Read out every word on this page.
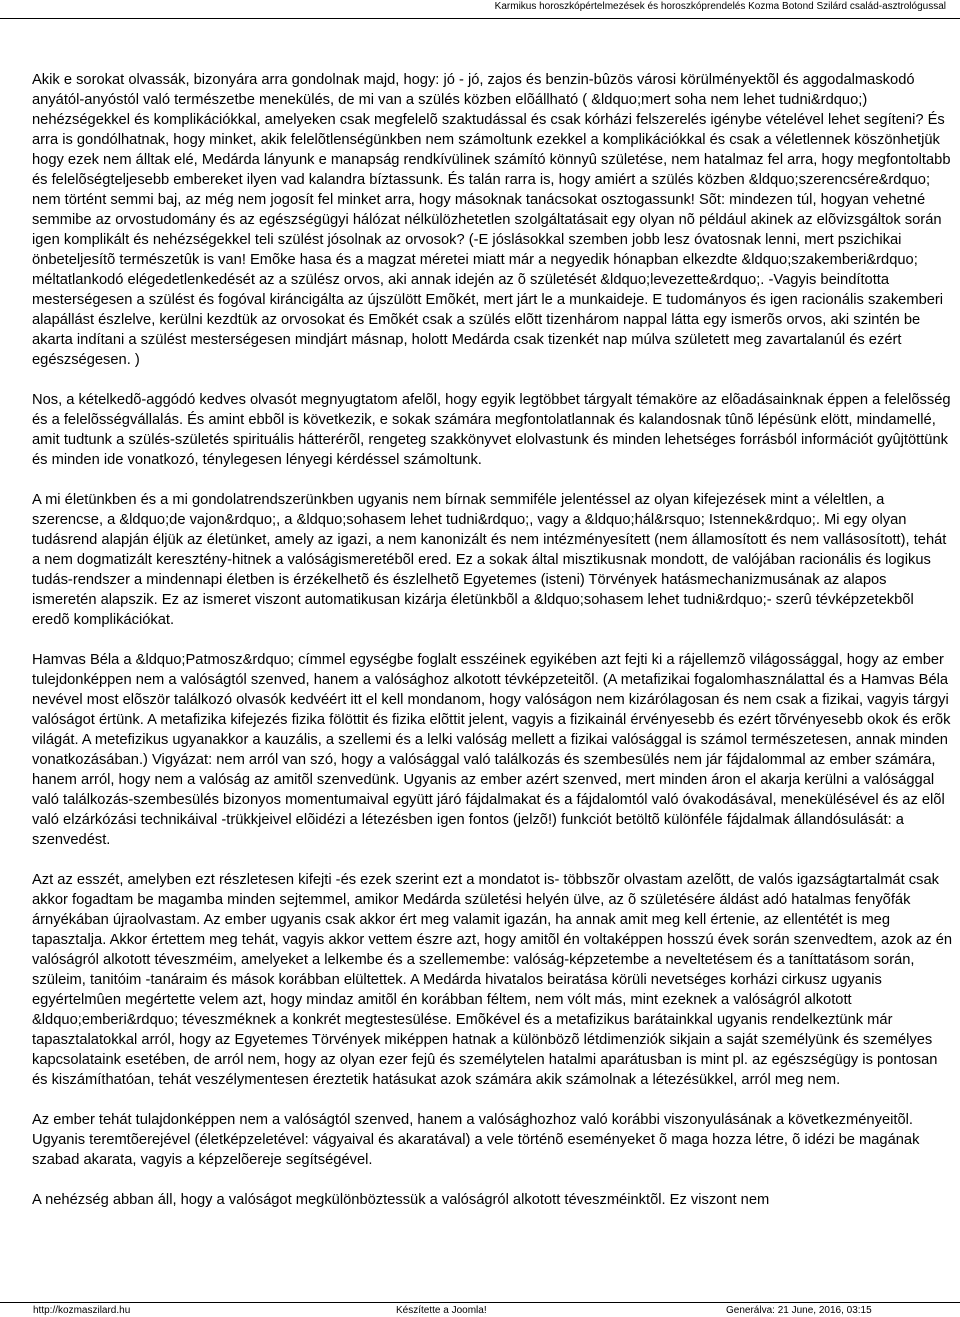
Karmikus horoszkópértelmezések és horoszkóprendelés Kozma Botond Szilárd család-asztrológussal

Akik e sorokat olvassák, bizonyára arra gondolnak majd, hogy: jó - jó, zajos és benzin-bûzös városi körülményektõl és aggodalmaskodó anyától-anyóstól való természetbe menekülés, de mi van a szülés közben elõállható ( &ldquo;mert soha nem lehet tudni&rdquo;) nehézségekkel és komplikációkkal, amelyeken csak megfelelõ szaktudással és csak kórházi felszerelés igénybe vételével lehet segíteni? És arra is gondólhatnak, hogy minket, akik felelõtlenségünkben nem számoltunk ezekkel a komplikációkkal és csak a véletlennek köszönhetjük hogy ezek nem álltak elé, Medárda lányunk e manapság rendkívülinek számító könnyû születése, nem hatalmaz fel arra, hogy megfontoltabb és felelõségteljesebb embereket ilyen vad kalandra bíztassunk. És talán rarra is, hogy amiért a szülés közben &ldquo;szerencsére&rdquo; nem történt semmi baj, az még nem jogosít fel minket arra, hogy másoknak tanácsokat osztogassunk! Sõt: mindezen túl, hogyan vehetné semmibe az orvostudomány és az egészségügyi hálózat nélkülözhetetlen szolgáltatásait egy olyan nõ például akinek az elõvizsgáltok során igen komplikált és nehézségekkel teli szülést jósolnak az orvosok? (-E jóslásokkal szemben jobb lesz óvatosnak lenni, mert pszichikai önbeteljesítõ természetûk is van! Emõke hasa és a magzat méretei miatt már a negyedik hónapban elkezdte &ldquo;szakemberi&rdquo; méltatlankodó elégedetlenkedését az a szülész orvos, aki annak idején az õ születését &ldquo;levezette&rdquo;. -Vagyis beindította mesterségesen a szülést és fogóval kiráncigálta az újszülött Emõkét, mert járt le a munkaideje. E tudományos és igen racionális szakemberi alapállást észlelve, kerülni kezdtük az orvosokat és Emõkét csak a szülés elõtt tizenhárom nappal látta egy ismerõs orvos, aki szintén be akarta indítani a szülést mesterségesen mindjárt másnap, holott Medárda csak tizenkét nap múlva született meg zavartalanúl és ezért egészségesen. )

Nos, a kételkedõ-aggódó kedves olvasót megnyugtatom afelõl, hogy egyik legtöbbet tárgyalt témaköre az elõadásainknak éppen a felelõsség és a felelõsségvállalás. És amint ebbõl is következik, e sokak számára megfontolatlannak és kalandosnak tûnõ lépésünk elött, mindamellé, amit tudtunk a szülés-születés spirituális hátterérõl, rengeteg szakkönyvet elolvastunk és minden lehetséges forrásból információt gyûjtöttünk és minden ide vonatkozó, ténylegesen lényegi kérdéssel számoltunk.

A mi életünkben és a mi gondolatrendszerünkben ugyanis nem bírnak semmiféle jelentéssel az olyan kifejezések mint a véleltlen, a szerencse, a &ldquo;de vajon&rdquo;, a &ldquo;sohasem lehet tudni&rdquo;, vagy a &ldquo;hál&rsquo; Istennek&rdquo;. Mi egy olyan tudásrend alapján éljük az életünket, amely az igazi, a nem kanonizált és nem intézményesített (nem államosított és nem vallásosított), tehát a nem dogmatizált keresztény-hitnek a valóságismeretébõl ered. Ez a sokak által misztikusnak mondott, de valójában racionális és logikus tudás-rendszer a mindennapi életben is érzékelhetõ és észlelhetõ Egyetemes (isteni) Törvények hatásmechanizmusának az alapos ismeretén alapszik. Ez az ismeret viszont automatikusan kizárja életünkbõl a &ldquo;sohasem lehet tudni&rdquo;- szerû tévképzetekbõl eredõ komplikációkat.

Hamvas Béla a &ldquo;Patmosz&rdquo; címmel egységbe foglalt esszéinek egyikében azt fejti ki a rájellemzõ világossággal, hogy az ember tulejdonképpen nem a valóságtól szenved, hanem a valósághoz alkotott tévképzeteitõl. (A metafizikai fogalomhasználattal és a Hamvas Béla nevével most elõször találkozó olvasók kedvéért itt el kell mondanom, hogy valóságon nem kizárólagosan és nem csak a fizikai, vagyis tárgyi valóságot értünk. A metafizika kifejezés fizika fölöttit és fizika elõttit jelent, vagyis a fizikainál érvényesebb és ezért tõrvényesebb okok és erõk világát. A metefizikus ugyanakkor a kauzális, a szellemi és a lelki valóság mellett a fizikai valósággal is számol természetesen, annak minden vonatkozásában.) Vigyázat: nem arról van szó, hogy a valósággal való találkozás és szembesülés nem jár fájdalommal az ember számára, hanem arról, hogy nem a valóság az amitõl szenvedünk. Ugyanis az ember azért szenved, mert minden áron el akarja kerülni a valósággal való találkozás-szembesülés bizonyos momentumaival együtt járó fájdalmakat és a fájdalomtól való óvakodásával, menekülésével és az elõl való elzárkózási technikáival -trükkjeivel elõidézi a létezésben igen fontos (jelzõ!) funkciót betöltõ különféle fájdalmak állandósulását: a szenvedést.

Azt az esszét, amelyben ezt részletesen kifejti -és ezek szerint ezt a mondatot is- többszõr olvastam azelõtt, de valós igazságtartalmát csak akkor fogadtam be magamba minden sejtemmel, amikor Medárda születési helyén ülve, az õ születésére áldást adó hatalmas fenyõfák árnyékában újraolvastam. Az ember ugyanis csak akkor ért meg valamit igazán, ha annak amit meg kell értenie, az ellentétét is meg tapasztalja. Akkor értettem meg tehát, vagyis akkor vettem észre azt, hogy amitõl én voltaképpen hosszú évek során szenvedtem, azok az én valóságról alkotott téveszméim, amelyeket a lelkembe és a szellemembe: valóság-képzetembe a neveltetésem és a taníttatásom során, szüleim, tanitóim -tanáraim és mások korábban elültettek. A Medárda hivatalos beiratása körüli nevetséges korházi cirkusz ugyanis egyértelmûen megértette velem azt, hogy mindaz amitõl én korábban féltem, nem vólt más, mint ezeknek a valóságról alkotott &ldquo;emberi&rdquo; téveszméknek a konkrét megtestesülése. Emõkével és a metafizikus barátainkkal ugyanis rendelkeztünk már tapasztalatokkal arról, hogy az Egyetemes Törvények miképpen hatnak a különbözõ létdimenziók sikjain a saját személyünk és személyes kapcsolataink esetében, de arról nem, hogy az olyan ezer fejû és személytelen hatalmi aparátusban is mint pl. az egészségügy is pontosan és kiszámíthatóan, tehát veszélymentesen éreztetik hatásukat azok számára akik számolnak a létezésükkel, arról meg nem.

Az ember tehát tulajdonképpen nem a valóságtól szenved, hanem a valósághozhoz való korábbi viszonyulásának a következményeitõl. Ugyanis teremtõerejével (életképzeletével: vágyaival és akaratával) a vele történõ eseményeket õ maga hozza létre, õ idézi be magának szabad akarata, vagyis a képzelõereje segítségével.

A nehézség abban áll, hogy a valóságot megkülönböztessük a valóságról alkotott téveszméinktõl. Ez viszont nem

http://kozmaszilard.hu	Készítette a Joomla!	Generálva: 21 June, 2016, 03:15
